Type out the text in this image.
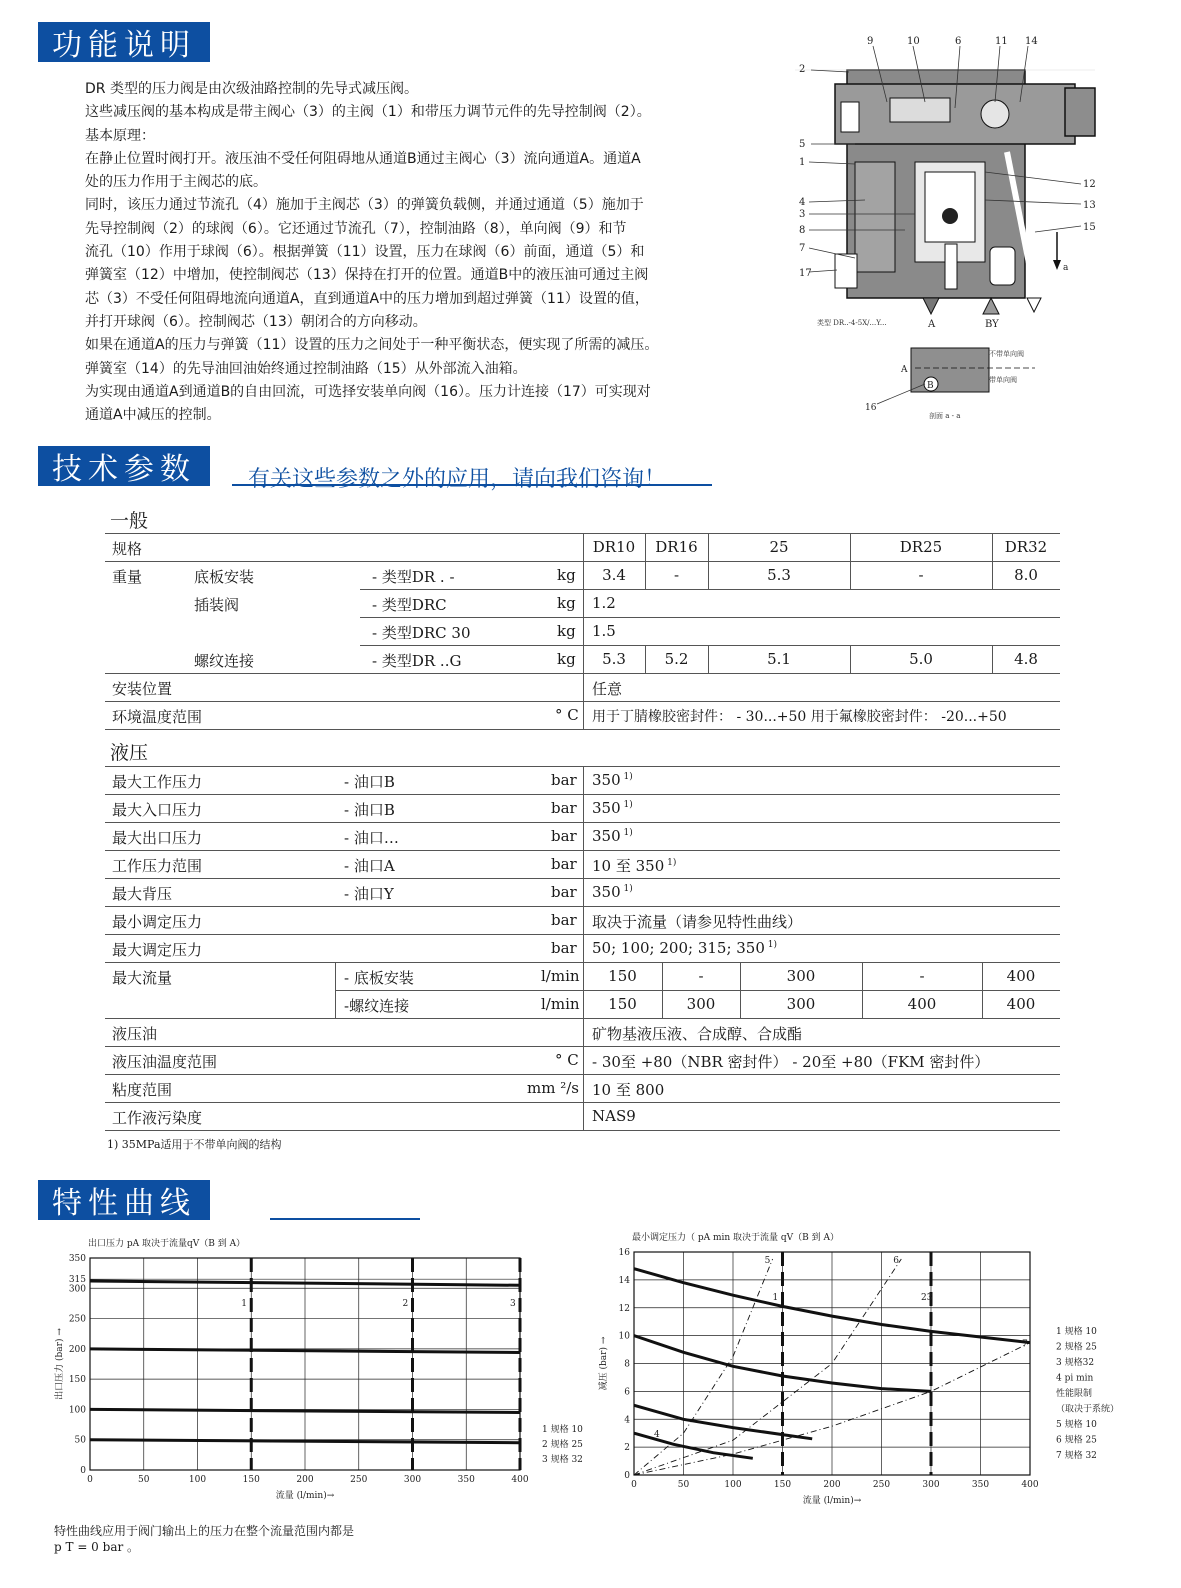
功能说明
DR 类型的压力阀是由次级油路控制的先导式减压阀。
这些减压阀的基本构成是带主阀心（3）的主阀（1）和带压力调节元件的先导控制阀（2）。
基本原理：
在静止位置时阀打开。液压油不受任何阻碍地从通道B通过主阀心（3）流向通道A。通道A
处的压力作用于主阀芯的底。
同时，该压力通过节流孔（4）施加于主阀芯（3）的弹簧负载侧，并通过通道（5）施加于
先导控制阀（2）的球阀（6）。它还通过节流孔（7），控制油路（8），单向阀（9）和节
流孔（10）作用于球阀（6）。根据弹簧（11）设置，压力在球阀（6）前面，通道（5）和
弹簧室（12）中增加，使控制阀芯（13）保持在打开的位置。通道B中的液压油可通过主阀
芯（3）不受任何阻碍地流向通道A，直到通道A中的压力增加到超过弹簧（11）设置的值，
并打开球阀（6）。控制阀芯（13）朝闭合的方向移动。
如果在通道A的压力与弹簧（11）设置的压力之间处于一种平衡状态，便实现了所需的减压。
弹簧室（14）的先导油回油始终通过控制油路（15）从外部流入油箱。
为实现由通道A到通道B的自由回流，可选择安装单向阀（16）。压力计连接（17）可实现对
通道A中减压的控制。
9	10	6	11 14
2
5
1
4
3
8
7
17
12
13
15
类型 DR..-4-5X/...Y...	A	BY
a
不带单向阀
带单向阀
A
B
16
剖面 a - a
技术参数 有关这些参数之外的应用，请向我们咨询！
一般
规格	DR10	DR16	25	DR25	DR32
重量	底板安装	- 类型DR . -	kg	3.4	-	5.3	-	8.0
插装阀	- 类型DRC	kg 1.2
- 类型DRC 30	kg 1.5
螺纹连接	- 类型DR ..G	kg	5.3	5.2	5.1	5.0	4.8
安装位置	任意
环境温度范围	° C 用于丁腈橡胶密封件： - 30...+50 用于氟橡胶密封件： -20...+50
液压
最大工作压力	- 油口B	bar 350 $^{1)}$
最大入口压力	- 油口B	bar 350 $^{1)}$
最大出口压力	- 油口…	bar 350 $^{1)}$
工作压力范围	- 油口A	bar 10 至 350 $^{1)}$
最大背压	- 油口Y	bar 350 $^{1)}$
最小调定压力	bar 取决于流量（请参见特性曲线）
最大调定压力	bar 50; 100; 200; 315; 350 $^{1)}$
最大流量	- 底板安装	l/min	150	-	300	-	400
-螺纹连接	l/min	150	300	300	400	400
液压油	矿物基液压液、合成醇、合成酯
液压油温度范围	° C - 30至 +80（NBR 密封件） - 20至 +80（FKM 密封件）
粘度范围	mm ²/s 10 至 800
工作液污染度	NAS9
1) 35MPa适用于不带单向阀的结构
特性曲线
0	50	100	150	200	250	300	350	400
0
50
100
150
200
250
300
315
350
1	2	3
出口压力 pA 取决于流量qV（B 到 A）
流量 (l/min)→
出口压力 (bar) →
1 规格 10
2 规格 25
3 规格 32
0	50	100	150	200	250	300	350	400
0
2
4
6
8
10
12
14
16
1	23
5	6
7
4
最小调定压力（ pA min 取决于流量 qV（B 到 A）
流量 (l/min)→
减压 (bar) →
1 规格 10
2 规格 25
3 规格32
4 pi min
性能限制
（取决于系统）
5 规格 10
6 规格 25
7 规格 32
特性曲线应用于阀门输出上的压力在整个流量范围内都是
p T = 0 bar 。
